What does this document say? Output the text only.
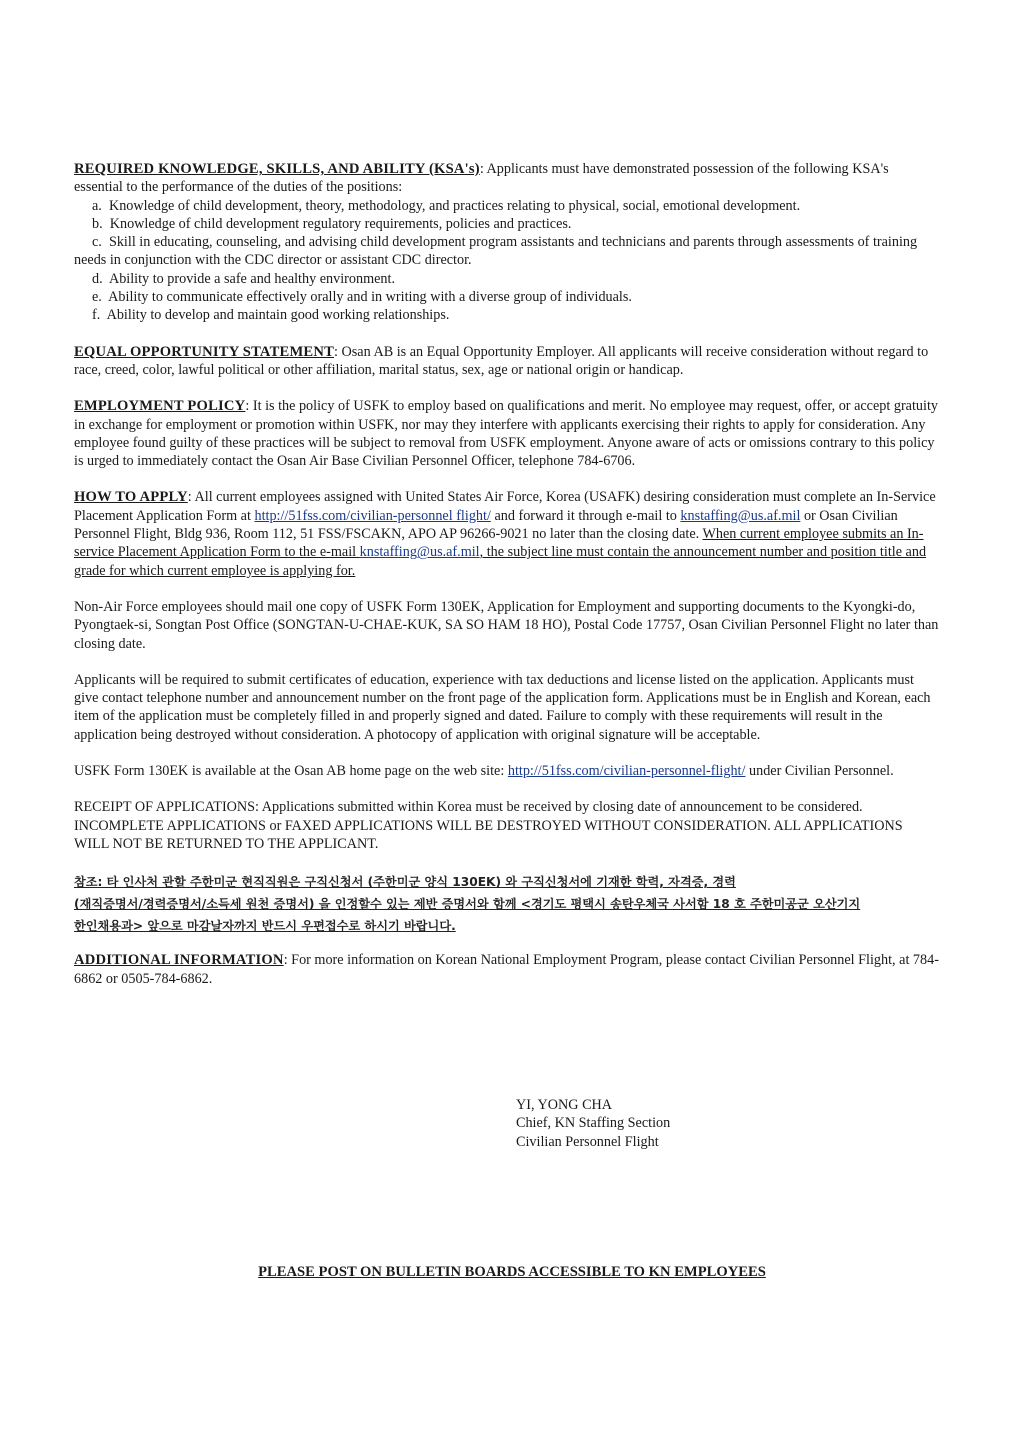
REQUIRED KNOWLEDGE, SKILLS, AND ABILITY (KSA's): Applicants must have demonstrated possession of the following KSA's essential to the performance of the duties of the positions:

a. Knowledge of child development, theory, methodology, and practices relating to physical, social, emotional development.
b. Knowledge of child development regulatory requirements, policies and practices.
c. Skill in educating, counseling, and advising child development program assistants and technicians and parents through assessments of training needs in conjunction with the CDC director or assistant CDC director.
d. Ability to provide a safe and healthy environment.
e. Ability to communicate effectively orally and in writing with a diverse group of individuals.
f. Ability to develop and maintain good working relationships.

EQUAL OPPORTUNITY STATEMENT: Osan AB is an Equal Opportunity Employer. All applicants will receive consideration without regard to race, creed, color, lawful political or other affiliation, marital status, sex, age or national origin or handicap.

EMPLOYMENT POLICY: It is the policy of USFK to employ based on qualifications and merit. No employee may request, offer, or accept gratuity in exchange for employment or promotion within USFK, nor may they interfere with applicants exercising their rights to apply for consideration. Any employee found guilty of these practices will be subject to removal from USFK employment. Anyone aware of acts or omissions contrary to this policy is urged to immediately contact the Osan Air Base Civilian Personnel Officer, telephone 784-6706.

HOW TO APPLY: All current employees assigned with United States Air Force, Korea (USAFK) desiring consideration must complete an In-Service Placement Application Form at http://51fss.com/civilian-personnel flight/ and forward it through e-mail to knstaffing@us.af.mil or Osan Civilian Personnel Flight, Bldg 936, Room 112, 51 FSS/FSCAKN, APO AP 96266-9021 no later than the closing date. When current employee submits an In-service Placement Application Form to the e-mail knstaffing@us.af.mil, the subject line must contain the announcement number and position title and grade for which current employee is applying for.

Non-Air Force employees should mail one copy of USFK Form 130EK, Application for Employment and supporting documents to the Kyongki-do, Pyongtaek-si, Songtan Post Office (SONGTAN-U-CHAE-KUK, SA SO HAM 18 HO), Postal Code 17757, Osan Civilian Personnel Flight no later than closing date.

Applicants will be required to submit certificates of education, experience with tax deductions and license listed on the application. Applicants must give contact telephone number and announcement number on the front page of the application form. Applications must be in English and Korean, each item of the application must be completely filled in and properly signed and dated. Failure to comply with these requirements will result in the application being destroyed without consideration. A photocopy of application with original signature will be acceptable.

USFK Form 130EK is available at the Osan AB home page on the web site: http://51fss.com/civilian-personnel-flight/ under Civilian Personnel.

RECEIPT OF APPLICATIONS: Applications submitted within Korea must be received by closing date of announcement to be considered. INCOMPLETE APPLICATIONS or FAXED APPLICATIONS WILL BE DESTROYED WITHOUT CONSIDERATION. ALL APPLICATIONS WILL NOT BE RETURNED TO THE APPLICANT.

참조: 타 인사처 관할 주한미군 현직직원은 구직신청서 (주한미군 양식 130EK) 와 구직신청서에 기재한 학력, 자격증, 경력
(재직증명서/경력증명서/소득세 원천 증명서) 을 인정할수 있는 제반 증명서와 함께 <경기도 평택시 송탄우체국 사서함 18 호 주한미공군 오산기지
한인채용과> 앞으로 마감날자까지 반드시 우편접수로 하시기 바랍니다.

ADDITIONAL INFORMATION: For more information on Korean National Employment Program, please contact Civilian Personnel Flight, at 784-6862 or 0505-784-6862.

YI, YONG CHA
Chief, KN Staffing Section
Civilian Personnel Flight
PLEASE POST ON BULLETIN BOARDS ACCESSIBLE TO KN EMPLOYEES
